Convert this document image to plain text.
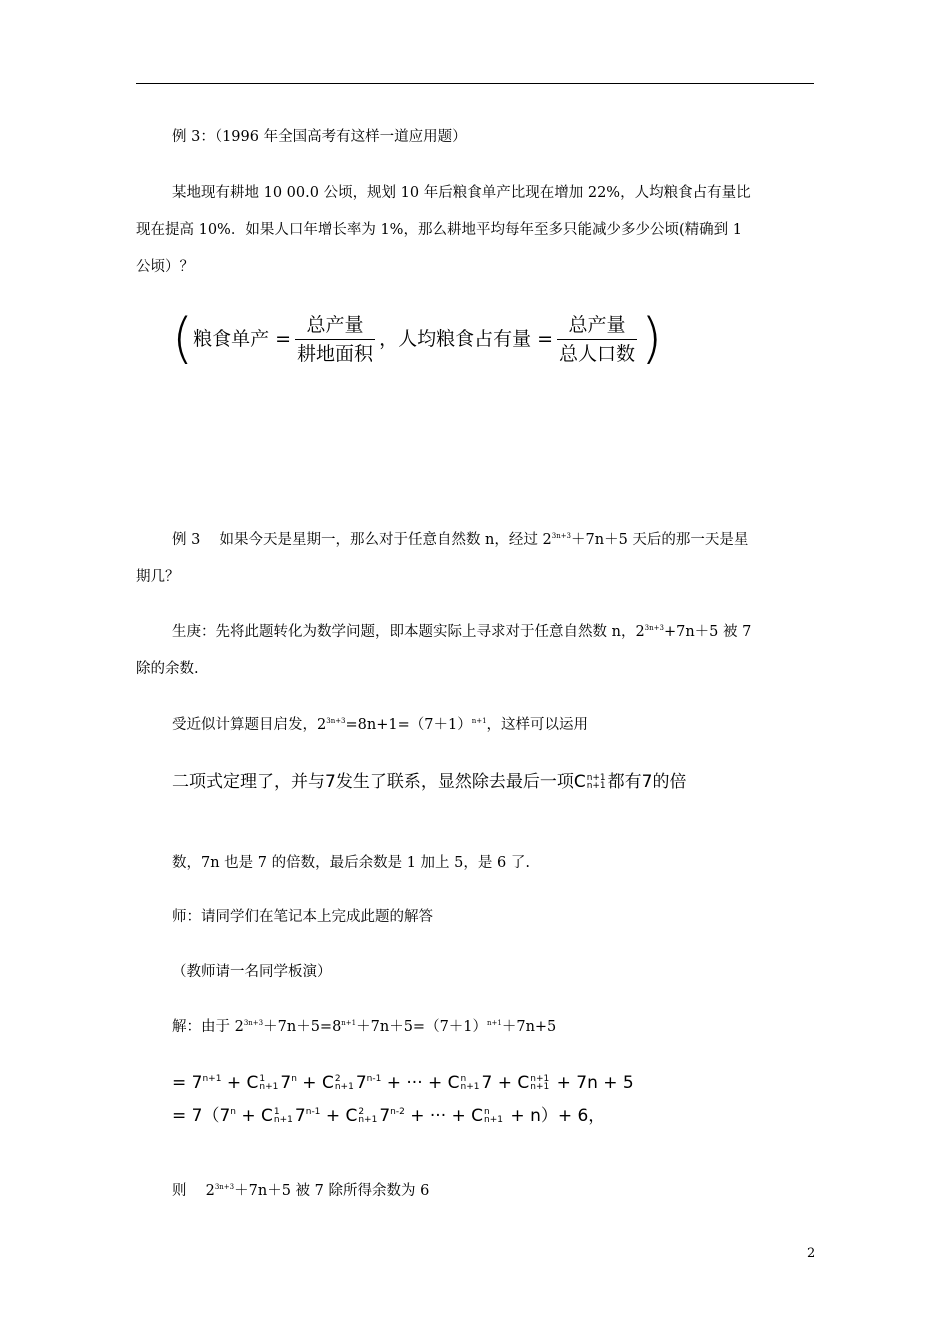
例 3：（1996 年全国高考有这样一道应用题）
某地现有耕地 10 00.0 公顷，规划 10 年后粮食单产比现在增加 22%，人均粮食占有量比
现在提高 10%．如果人口年增长率为 1%，那么耕地平均每年至多只能减少多少公顷(精确到 1
公顷）？
( 粮食单产 = $\frac{\text{总产量}}{\text{耕地面积}}$ ， 人均粮食占有量 = $\frac{\text{总产量}}{\text{总人口数}}$ )
例 3　 如果今天是星期一，那么对于任意自然数 n，经过 $2^{3n+3}+7n+5$ 天后的那一天是星
期几？
生庚：先将此题转化为数学问题，即本题实际上寻求对于任意自然数 n，$2^{3n+3}+7n+5$ 被 7
除的余数.
受近似计算题目启发，$2^{3n+3}=8n+1=(7+1)^{n+1}$，这样可以运用
二项式定理了，并与7发生了联系，显然除去最后一项C n+1
n+1 都有7的倍
数，7n 也是 7 的倍数，最后余数是 1 加上 5，是 6 了.
师：请同学们在笔记本上完成此题的解答
（教师请一名同学板演）
解：由于 $2^{3n+3}+7n+5=8^{n+1}+7n+5=(7+1)^{n+1}+7n+5$
= $7^{n+1} + C$ 1
n+1 $7^n + C$ 2
n+1 $7^{n-1}$ + ··· + C n
n+1 7 + C n+1
n+1 + 7n + 5
= $7(7^n + C$ 1
n+1 $7^{n-1} + C$ 2
n+1 $7^{n-2}$ + ··· + C n
n+1 + n）+ 6，
则　 $2^{3n+3}+7n+5$ 被 7 除所得余数为 6
2
